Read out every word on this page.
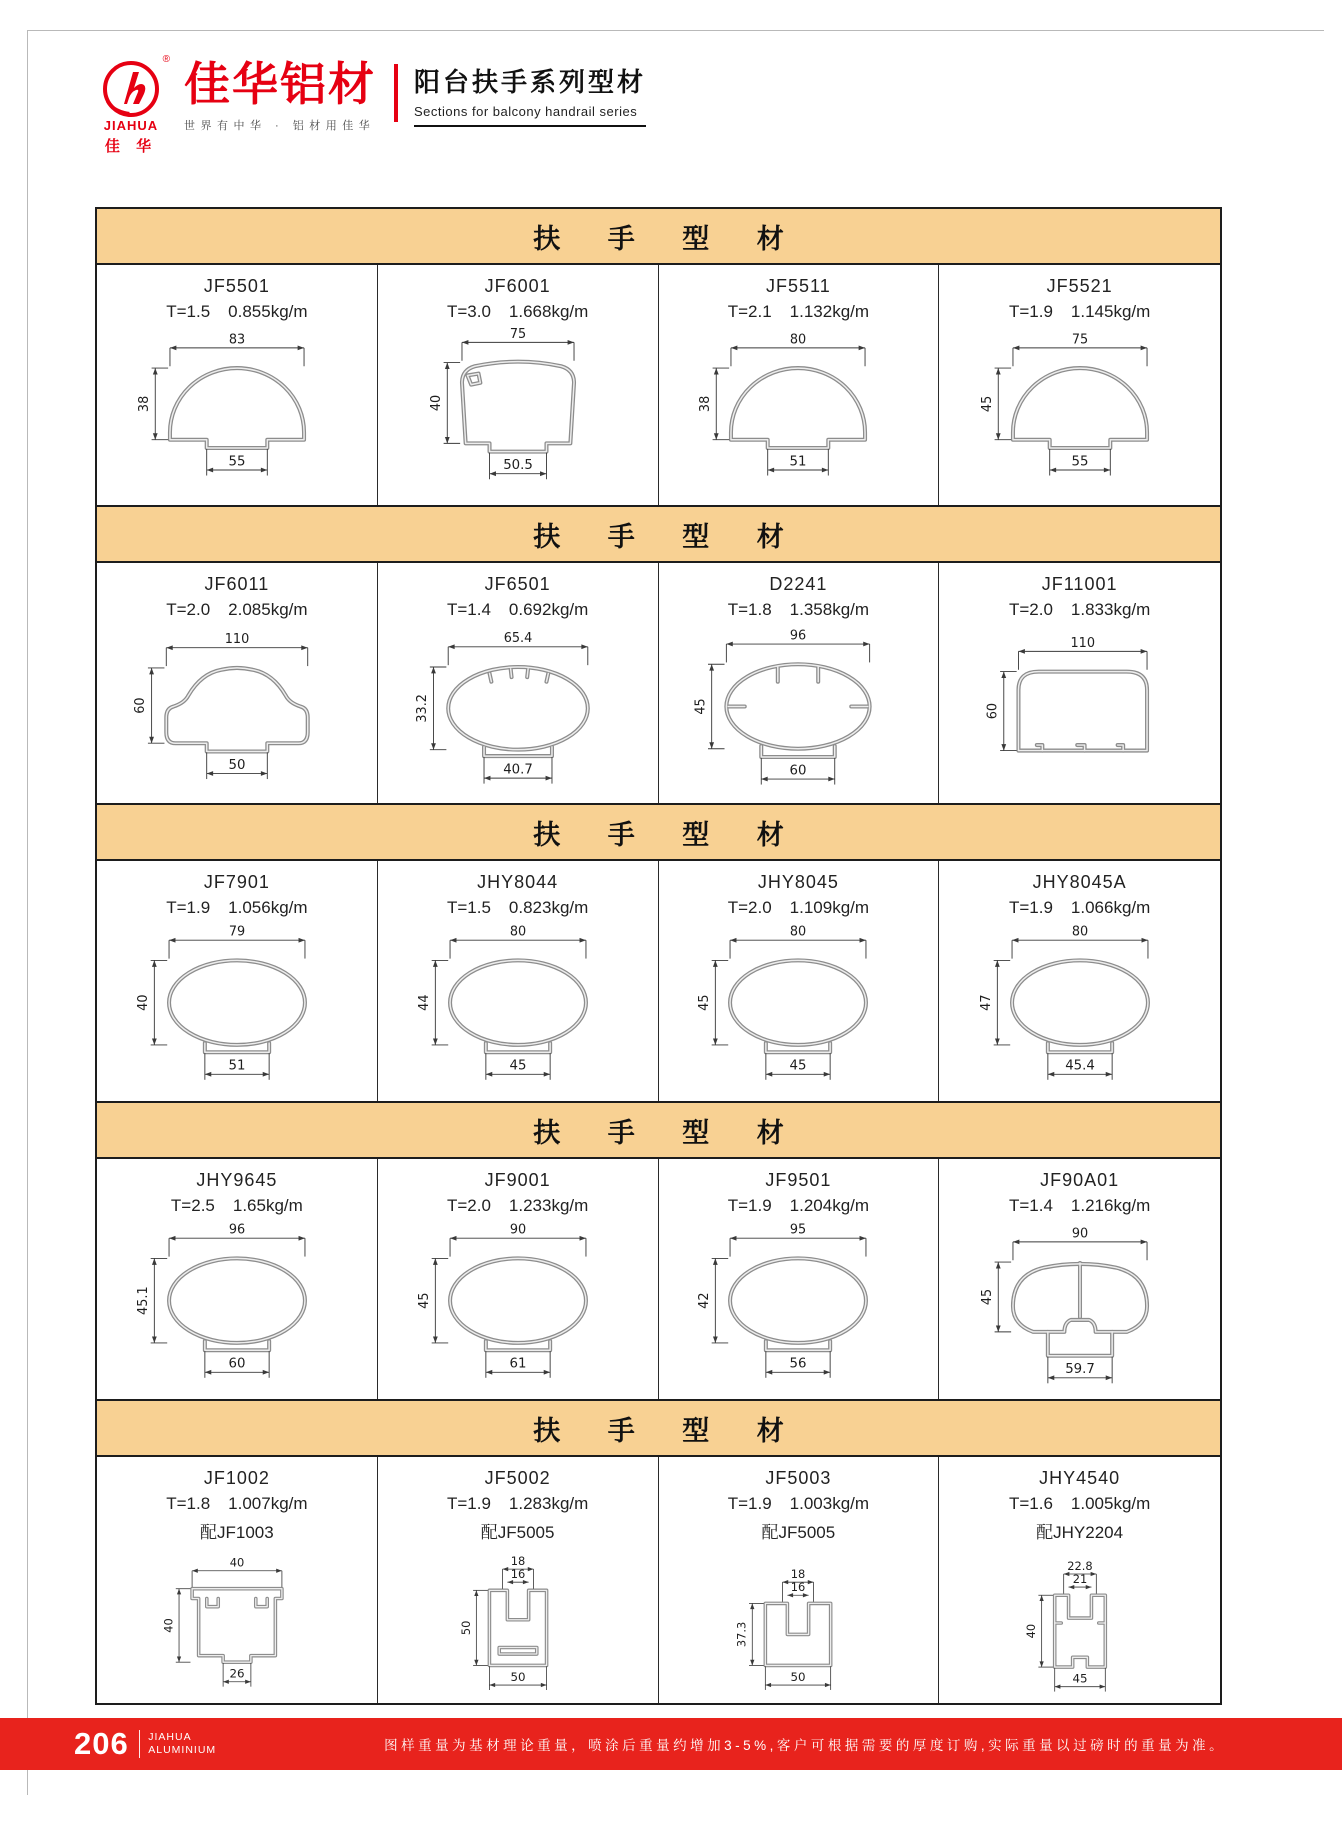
®
JIAHUA
佳 华
佳华铝材
世界有中华 · 铝材用佳华
阳台扶手系列型材
Sections for balcony handrail series
扶 手 型 材
JF5501
T=1.5 0.855kg/m
83
38
55
JF6001
T=3.0 1.668kg/m
75
40
50.5
JF5511
T=2.1 1.132kg/m
80
38
51
JF5521
T=1.9 1.145kg/m
75
45
55
扶 手 型 材
JF6011
T=2.0 2.085kg/m
110
60
50
JF6501
T=1.4 0.692kg/m
65.4
33.2
40.7
D2241
T=1.8 1.358kg/m
96
45
60
JF11001
T=2.0 1.833kg/m
110
60
扶 手 型 材
JF7901
T=1.9 1.056kg/m
79
40
51
JHY8044
T=1.5 0.823kg/m
80
44
45
JHY8045
T=2.0 1.109kg/m
80
45
45
JHY8045A
T=1.9 1.066kg/m
80
47
45.4
扶 手 型 材
JHY9645
T=2.5 1.65kg/m
96
45.1
60
JF9001
T=2.0 1.233kg/m
90
45
61
JF9501
T=1.9 1.204kg/m
95
42
56
JF90A01
T=1.4 1.216kg/m
90
45
59.7
扶 手 型 材
JF1002
T=1.8 1.007kg/m
配JF1003
40
40
26
JF5002
T=1.9 1.283kg/m
配JF5005
18
16
50
50
JF5003
T=1.9 1.003kg/m
配JF5005
18
16
37.3
50
JHY4540
T=1.6 1.005kg/m
配JHY2204
22.8
21
40
45
206 JIAHUA
ALUMINIUM	图样重量为基材理论重量，喷涂后重量约增加3-5%,客户可根据需要的厚度订购,实际重量以过磅时的重量为准。
